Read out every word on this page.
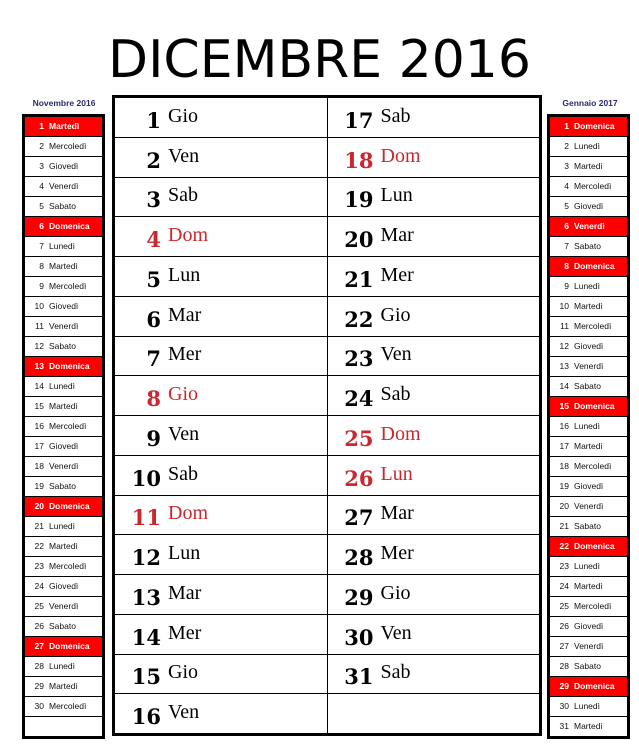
DICEMBRE 2016
Novembre 2016
1 Martedì
2 Mercoledì
3 Giovedì
4 Venerdì
5 Sabato
6 Domenica
7 Lunedì
8 Martedì
9 Mercoledì
10 Giovedì
11 Venerdì
12 Sabato
13 Domenica
14 Lunedì
15 Martedì
16 Mercoledì
17 Giovedì
18 Venerdì
19 Sabato
20 Domenica
21 Lunedì
22 Martedì
23 Mercoledì
24 Giovedì
25 Venerdì
26 Sabato
27 Domenica
28 Lunedì
29 Martedì
30 Mercoledì
Gennaio 2017
1 Domenica
2 Lunedì
3 Martedì
4 Mercoledì
5 Giovedì
6 Venerdì
7 Sabato
8 Domenica
9 Lunedì
10 Martedì
11 Mercoledì
12 Giovedì
13 Venerdì
14 Sabato
15 Domenica
16 Lunedì
17 Martedì
18 Mercoledì
19 Giovedì
20 Venerdì
21 Sabato
22 Domenica
23 Lunedì
24 Martedì
25 Mercoledì
26 Giovedì
27 Venerdì
28 Sabato
29 Domenica
30 Lunedì
31 Martedì
1 Gio
2 Ven
3 Sab
4 Dom
5 Lun
6 Mar
7 Mer
8 Gio
9 Ven
10 Sab
11 Dom
12 Lun
13 Mar
14 Mer
15 Gio
16 Ven
17 Sab
18 Dom
19 Lun
20 Mar
21 Mer
22 Gio
23 Ven
24 Sab
25 Dom
26 Lun
27 Mar
28 Mer
29 Gio
30 Ven
31 Sab
